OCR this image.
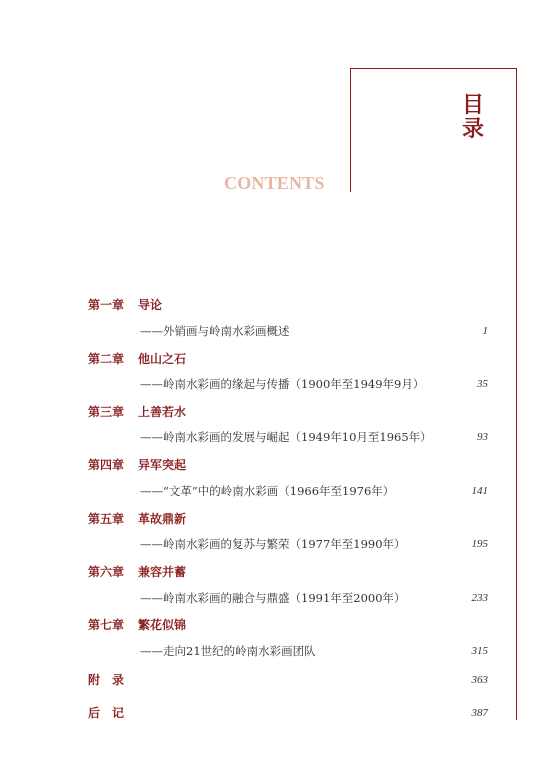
目
录
CONTENTS
第一章 导论
——外销画与岭南水彩画概述	1
第二章 他山之石
——岭南水彩画的缘起与传播（1900年至1949年9月）	35
第三章 上善若水
——岭南水彩画的发展与崛起（1949年10月至1965年）	93
第四章 异军突起
——“文革”中的岭南水彩画（1966年至1976年）	141
第五章 革故鼎新
——岭南水彩画的复苏与繁荣（1977年至1990年）	195
第六章 兼容并蓄
——岭南水彩画的融合与鼎盛（1991年至2000年）	233
第七章 繁花似锦
——走向21世纪的岭南水彩画团队	315
附　录	363
后　记	387
